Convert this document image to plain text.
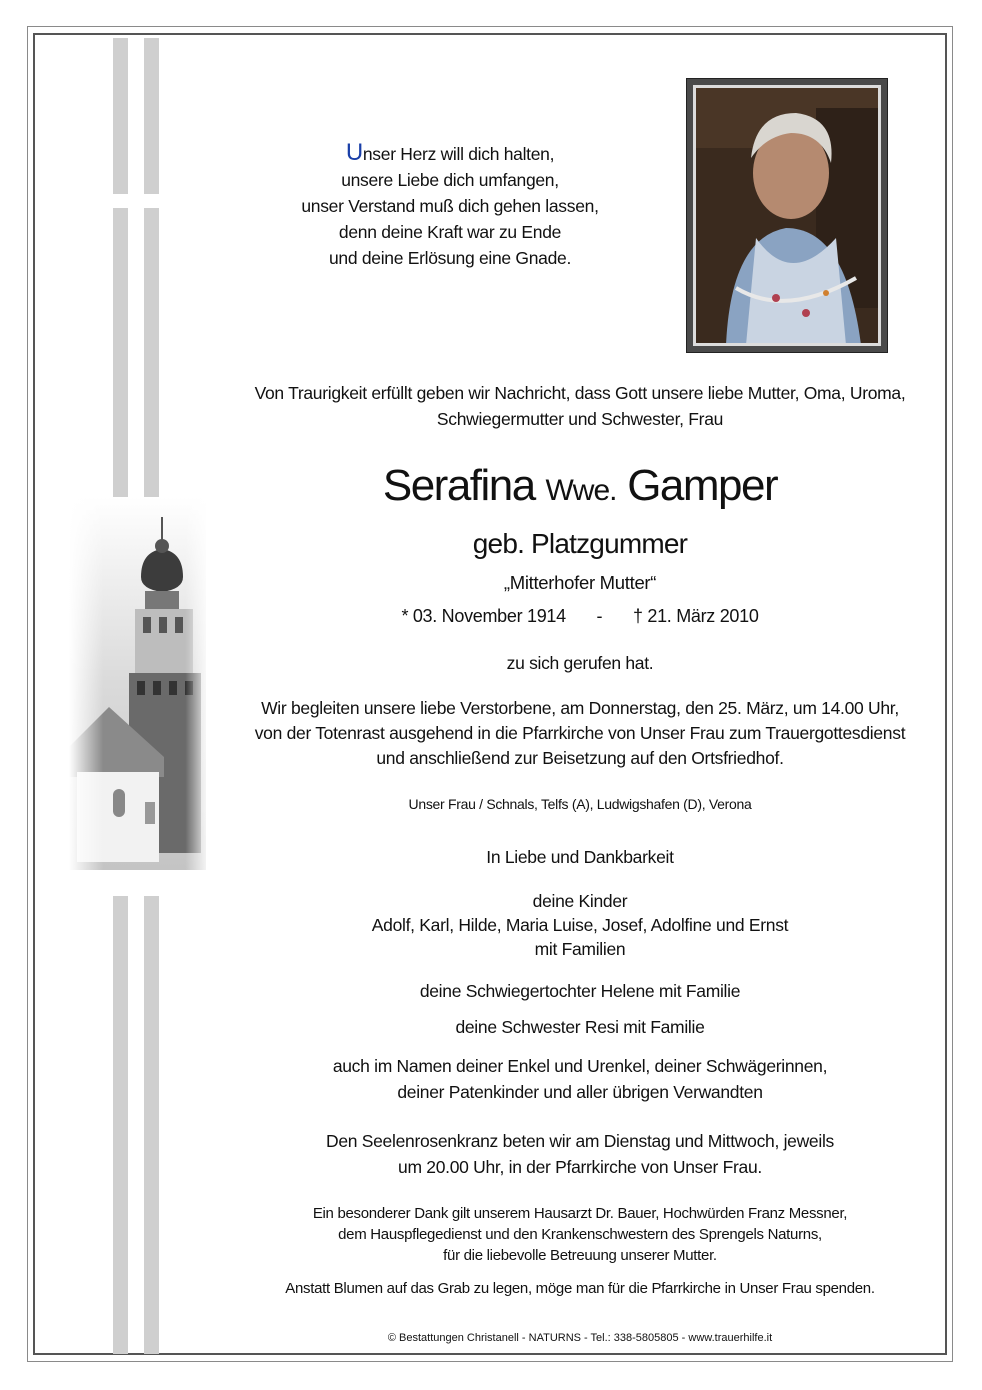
Unser Herz will dich halten,
unsere Liebe dich umfangen,
unser Verstand muß dich gehen lassen,
denn deine Kraft war zu Ende
und deine Erlösung eine Gnade.
Von Traurigkeit erfüllt geben wir Nachricht, dass Gott unsere liebe Mutter, Oma, Uroma,
Schwiegermutter und Schwester, Frau
Serafina Wwe. Gamper
geb. Platzgummer
„Mitterhofer Mutter“
* 03. November 1914 - † 21. März 2010
zu sich gerufen hat.
Wir begleiten unsere liebe Verstorbene, am Donnerstag, den 25. März, um 14.00 Uhr,
von der Totenrast ausgehend in die Pfarrkirche von Unser Frau zum Trauergottesdienst
und anschließend zur Beisetzung auf den Ortsfriedhof.
Unser Frau / Schnals, Telfs (A), Ludwigshafen (D), Verona
In Liebe und Dankbarkeit
deine Kinder
Adolf, Karl, Hilde, Maria Luise, Josef, Adolfine und Ernst
mit Familien
deine Schwiegertochter Helene mit Familie
deine Schwester Resi mit Familie
auch im Namen deiner Enkel und Urenkel, deiner Schwägerinnen,
deiner Patenkinder und aller übrigen Verwandten
Den Seelenrosenkranz beten wir am Dienstag und Mittwoch, jeweils
um 20.00 Uhr, in der Pfarrkirche von Unser Frau.
Ein besonderer Dank gilt unserem Hausarzt Dr. Bauer, Hochwürden Franz Messner,
dem Hauspflegedienst und den Krankenschwestern des Sprengels Naturns,
für die liebevolle Betreuung unserer Mutter.
Anstatt Blumen auf das Grab zu legen, möge man für die Pfarrkirche in Unser Frau spenden.
© Bestattungen Christanell - NATURNS - Tel.: 338-5805805 - www.trauerhilfe.it
